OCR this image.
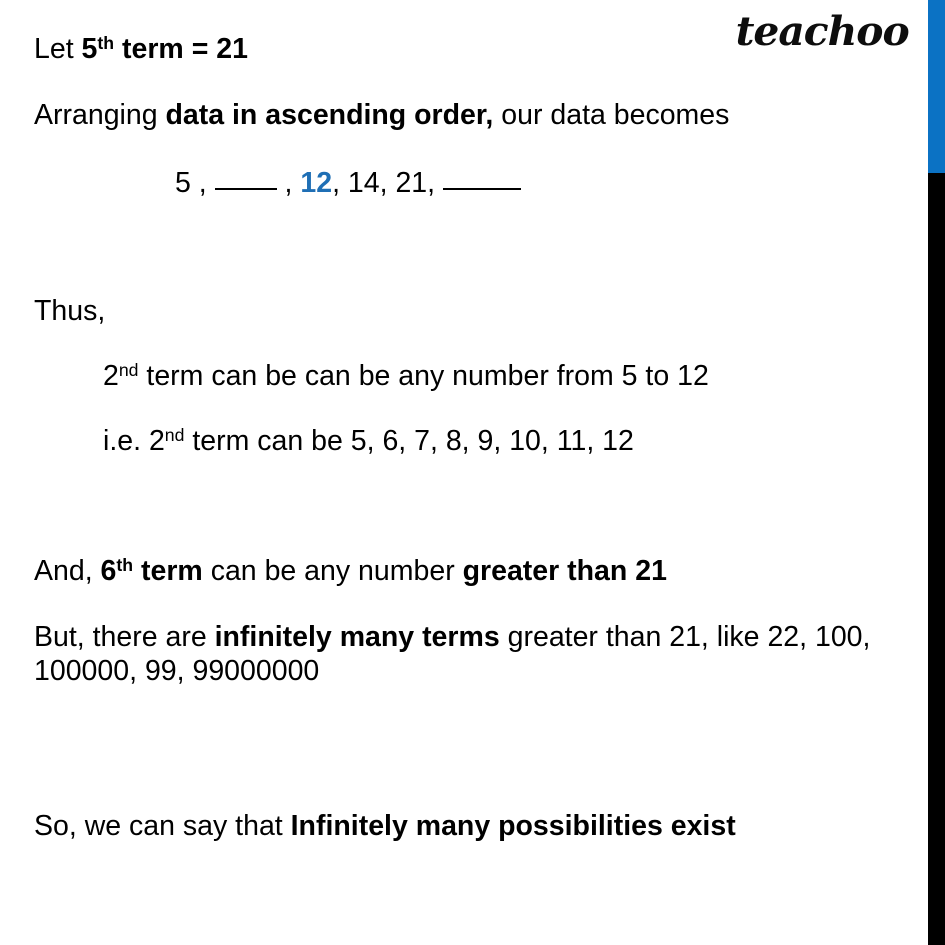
teachoo
Let 5th term = 21
Arranging data in ascending order, our data becomes
5 ,  , 12, 14, 21,
Thus,
2nd term can be can be any number from 5 to 12
i.e. 2nd term can be 5, 6, 7, 8, 9, 10, 11, 12
And, 6th term can be any number greater than 21
But, there are infinitely many terms greater than 21, like 22, 100, 100000, 99, 99000000
So, we can say that Infinitely many possibilities exist
